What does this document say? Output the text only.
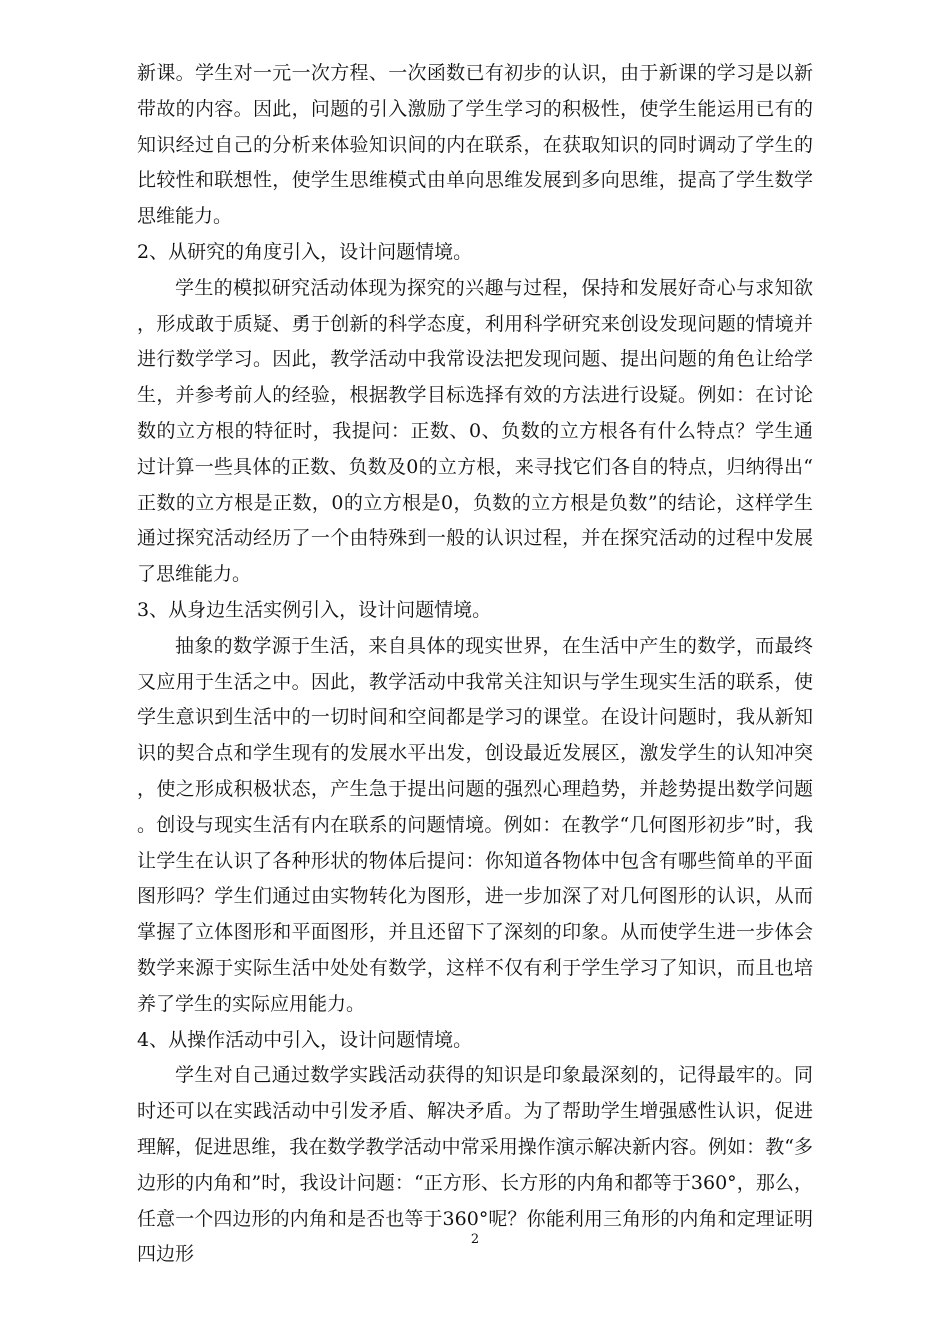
新课。学生对一元一次方程、一次函数已有初步的认识，由于新课的学习是以新带故的内容。因此，问题的引入激励了学生学习的积极性，使学生能运用已有的知识经过自己的分析来体验知识间的内在联系，在获取知识的同时调动了学生的比较性和联想性，使学生思维模式由单向思维发展到多向思维，提高了学生数学思维能力。

2、从研究的角度引入，设计问题情境。

学生的模拟研究活动体现为探究的兴趣与过程，保持和发展好奇心与求知欲，形成敢于质疑、勇于创新的科学态度，利用科学研究来创设发现问题的情境并进行数学学习。因此，教学活动中我常设法把发现问题、提出问题的角色让给学生，并参考前人的经验，根据教学目标选择有效的方法进行设疑。例如：在讨论数的立方根的特征时，我提问：正数、0、负数的立方根各有什么特点？学生通过计算一些具体的正数、负数及0的立方根，来寻找它们各自的特点，归纳得出“正数的立方根是正数，0的立方根是0，负数的立方根是负数”的结论，这样学生通过探究活动经历了一个由特殊到一般的认识过程，并在探究活动的过程中发展了思维能力。

3、从身边生活实例引入，设计问题情境。

抽象的数学源于生活，来自具体的现实世界，在生活中产生的数学，而最终又应用于生活之中。因此，教学活动中我常关注知识与学生现实生活的联系，使学生意识到生活中的一切时间和空间都是学习的课堂。在设计问题时，我从新知识的契合点和学生现有的发展水平出发，创设最近发展区，激发学生的认知冲突，使之形成积极状态，产生急于提出问题的强烈心理趋势，并趁势提出数学问题。创设与现实生活有内在联系的问题情境。例如：在教学“几何图形初步”时，我让学生在认识了各种形状的物体后提问：你知道各物体中包含有哪些简单的平面图形吗？学生们通过由实物转化为图形，进一步加深了对几何图形的认识，从而掌握了立体图形和平面图形，并且还留下了深刻的印象。从而使学生进一步体会数学来源于实际生活中处处有数学，这样不仅有利于学生学习了知识，而且也培养了学生的实际应用能力。

4、从操作活动中引入，设计问题情境。

学生对自己通过数学实践活动获得的知识是印象最深刻的，记得最牢的。同时还可以在实践活动中引发矛盾、解决矛盾。为了帮助学生增强感性认识，促进理解，促进思维，我在数学教学活动中常采用操作演示解决新内容。例如：教“多边形的内角和”时，我设计问题：“正方形、长方形的内角和都等于360°，那么，任意一个四边形的内角和是否也等于360°呢？你能利用三角形的内角和定理证明四边形

2
